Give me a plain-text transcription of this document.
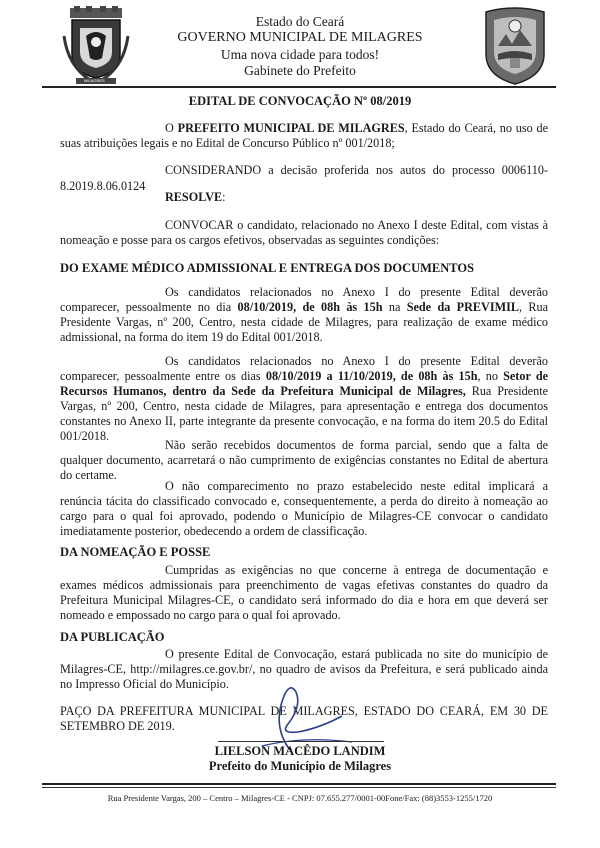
MILAGRES
Estado do Ceará
GOVERNO MUNICIPAL DE MILAGRES
Uma nova cidade para todos!
Gabinete do Prefeito
EDITAL DE CONVOCAÇÃO Nº 08/2019
O PREFEITO MUNICIPAL DE MILAGRES, Estado do Ceará, no uso de suas atribuições legais e no Edital de Concurso Público nº 001/2018;
CONSIDERANDO a decisão proferida nos autos do processo 0006110-8.2019.8.06.0124
RESOLVE:
CONVOCAR o candidato, relacionado no Anexo I deste Edital, com vistas à nomeação e posse para os cargos efetivos, observadas as seguintes condições:
DO EXAME MÉDICO ADMISSIONAL E ENTREGA DOS DOCUMENTOS
Os candidatos relacionados no Anexo I do presente Edital deverão comparecer, pessoalmente no dia 08/10/2019, de 08h às 15h na Sede da PREVIMIL, Rua Presidente Vargas, nº 200, Centro, nesta cidade de Milagres, para realização de exame médico admissional, na forma do item 19 do Edital 001/2018.
Os candidatos relacionados no Anexo I do presente Edital deverão comparecer, pessoalmente entre os dias 08/10/2019 a 11/10/2019, de 08h às 15h, no Setor de Recursos Humanos, dentro da Sede da Prefeitura Municipal de Milagres, Rua Presidente Vargas, nº 200, Centro, nesta cidade de Milagres, para apresentação e entrega dos documentos constantes no Anexo II, parte integrante da presente convocação, e na forma do item 20.5 do Edital 001/2018.
Não serão recebidos documentos de forma parcial, sendo que a falta de qualquer documento, acarretará o não cumprimento de exigências constantes no Edital de abertura do certame.
O não comparecimento no prazo estabelecido neste edital implicará a renúncia tácita do classificado convocado e, consequentemente, a perda do direito à nomeação ao cargo para o qual foi aprovado, podendo o Município de Milagres-CE convocar o candidato imediatamente posterior, obedecendo a ordem de classificação.
DA NOMEAÇÃO E POSSE
Cumpridas as exigências no que concerne à entrega de documentação e exames médicos admissionais para preenchimento de vagas efetivas constantes do quadro da Prefeitura Municipal Milagres-CE, o candidato será informado do dia e hora em que deverá ser nomeado e empossado no cargo para o qual foi aprovado.
DA PUBLICAÇÃO
O presente Edital de Convocação, estará publicada no site do município de Milagres-CE, http://milagres.ce.gov.br/, no quadro de avisos da Prefeitura, e será publicado ainda no Impresso Oficial do Município.
PAÇO DA PREFEITURA MUNICIPAL DE MILAGRES, ESTADO DO CEARÁ, EM 30 DE SETEMBRO DE 2019.
LIELSON MACÊDO LANDIM
Prefeito do Município de Milagres
Rua Presidente Vargas, 200 – Centro – Milagres-CE - CNPJ: 07.655.277/0001-00Fone/Fax: (88)3553-1255/1720
